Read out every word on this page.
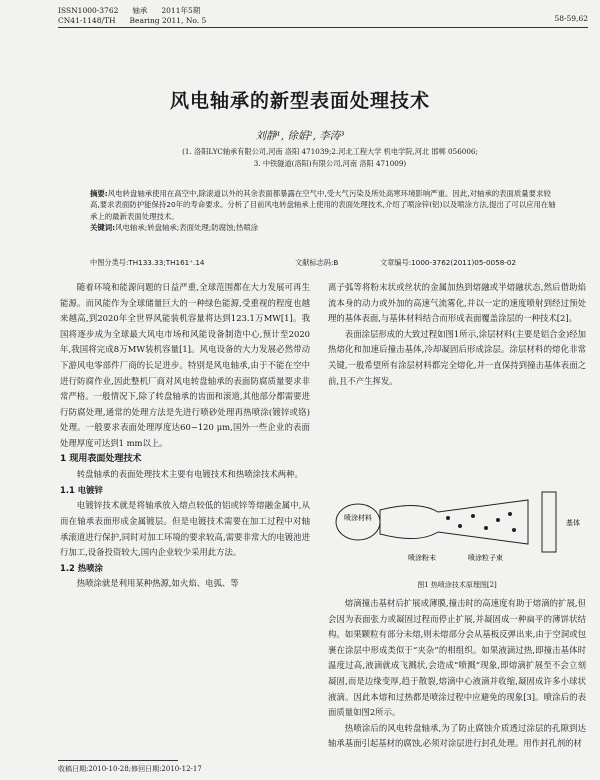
ISSN1000-3762 轴承 2011年5期
CN41-1148/TH Bearing 2011, No. 5	58-59,62
风电轴承的新型表面处理技术
刘静¹, 徐娟², 李涛³
(1. 洛阳LYC轴承有限公司,河南 洛阳 471039;2.河北工程大学 机电学院,河北 邯郸 056006;
3. 中铁隧道(洛阳)有限公司,河南 洛阳 471009)
摘要:风电转盘轴承使用在高空中,除滚道以外的其余表面都暴露在空气中,受大气污染及所处高寒环境影响严重。因此,对轴承的表面质量要求较高,要求表面防护能保持20年的寿命要求。分析了目前风电转盘轴承上使用的表面处理技术,介绍了喷涂锌(铝)以及喷涂方法,提出了可以应用在轴承上的最新表面处理技术。
关键词:风电轴承;转盘轴承;表面处理;防腐蚀;热喷涂
中图分类号:TH133.33;TH161⁺.14	文献标志码:B	文章编号:1000-3762(2011)05-0058-02

随着环境和能源问题的日益严重,全球范围都在大力发展可再生能源。而风能作为全球储量巨大的一种绿色能源,受重视的程度也越来越高,到2020年全世界风能装机容量将达到123.1万MW[1]。我国将逐步成为全球最大风电市场和风能设备制造中心,预计至2020年,我国将完成8万MW装机容量[1]。风电设备的大力发展必然带动下游风电零部件厂商的长足进步。特别是风电轴承,由于不能在空中进行防腐作业,因此整机厂商对风电转盘轴承的表面防腐质量要求非常严格。一般情况下,除了转盘轴承的齿面和滚道,其他部分都需要进行防腐处理,通常的处理方法是先进行喷砂处理再热喷涂(镀锌或铬)处理。一般要求表面处理厚度达60~120 μm,国外一些企业的表面处理厚度可达到1 mm以上。

1 现用表面处理技术

转盘轴承的表面处理技术主要有电镀技术和热喷涂技术两种。

1.1 电镀锌

电镀锌技术就是将轴承放入熔点较低的铝或锌等熔融金属中,从而在轴承表面形成金属镀层。但是电镀技术需要在加工过程中对轴承滚道进行保护,同时对加工环境的要求较高,需要非常大的电镀池进行加工,设备投资较大,国内企业较少采用此方法。

1.2 热喷涂

热喷涂就是利用某种热源,如火焰、电弧、等

离子弧等将粉末状或丝状的金属加热到熔融或半熔融状态,然后借助焰流本身的动力或外加的高速气流雾化,并以一定的速度喷射到经过预处理的基体表面,与基体材料结合而形成表面覆盖涂层的一种技术[2]。

表面涂层形成的大致过程如图1所示,涂层材料(主要是铝合金)经加热熔化和加速后撞击基体,冷却凝固后形成涂层。涂层材料的熔化非常关键,一般希望所有涂层材料都完全熔化,并一直保持到撞击基体表面之前,且不产生挥发。

喷涂材料
基体
喷涂粉末	喷涂粒子束
图1 热喷涂技术原理图[2]

熔滴撞击基材后扩展成薄膜,撞击时的高速度有助于熔滴的扩展,但会因为表面张力或凝固过程而停止扩展,并凝固成一种扁平的薄饼状结构。如果颗粒有部分未熔,则未熔部分会从基板反弹出来,由于空洞或包裹在涂层中形成类似于“夹杂”的相组织。如果液滴过热,即撞击基体时温度过高,液滴就成飞溅状,会造成“喷溅”现象,即熔滴扩展至不会立刻凝固,而是边缘变厚,趋于散裂,熔滴中心液滴并收缩,凝固成许多小球状液滴。因此本熔和过热都是喷涂过程中应避免的现象[3]。喷涂后的表面质量如图2所示。

热喷涂后的风电转盘轴承,为了防止腐蚀介质透过涂层的孔隙到达轴承基面引起基材的腐蚀,必须对涂层进行封孔处理。用作封孔剂的材

收稿日期:2010-10-28;修回日期:2010-12-17
